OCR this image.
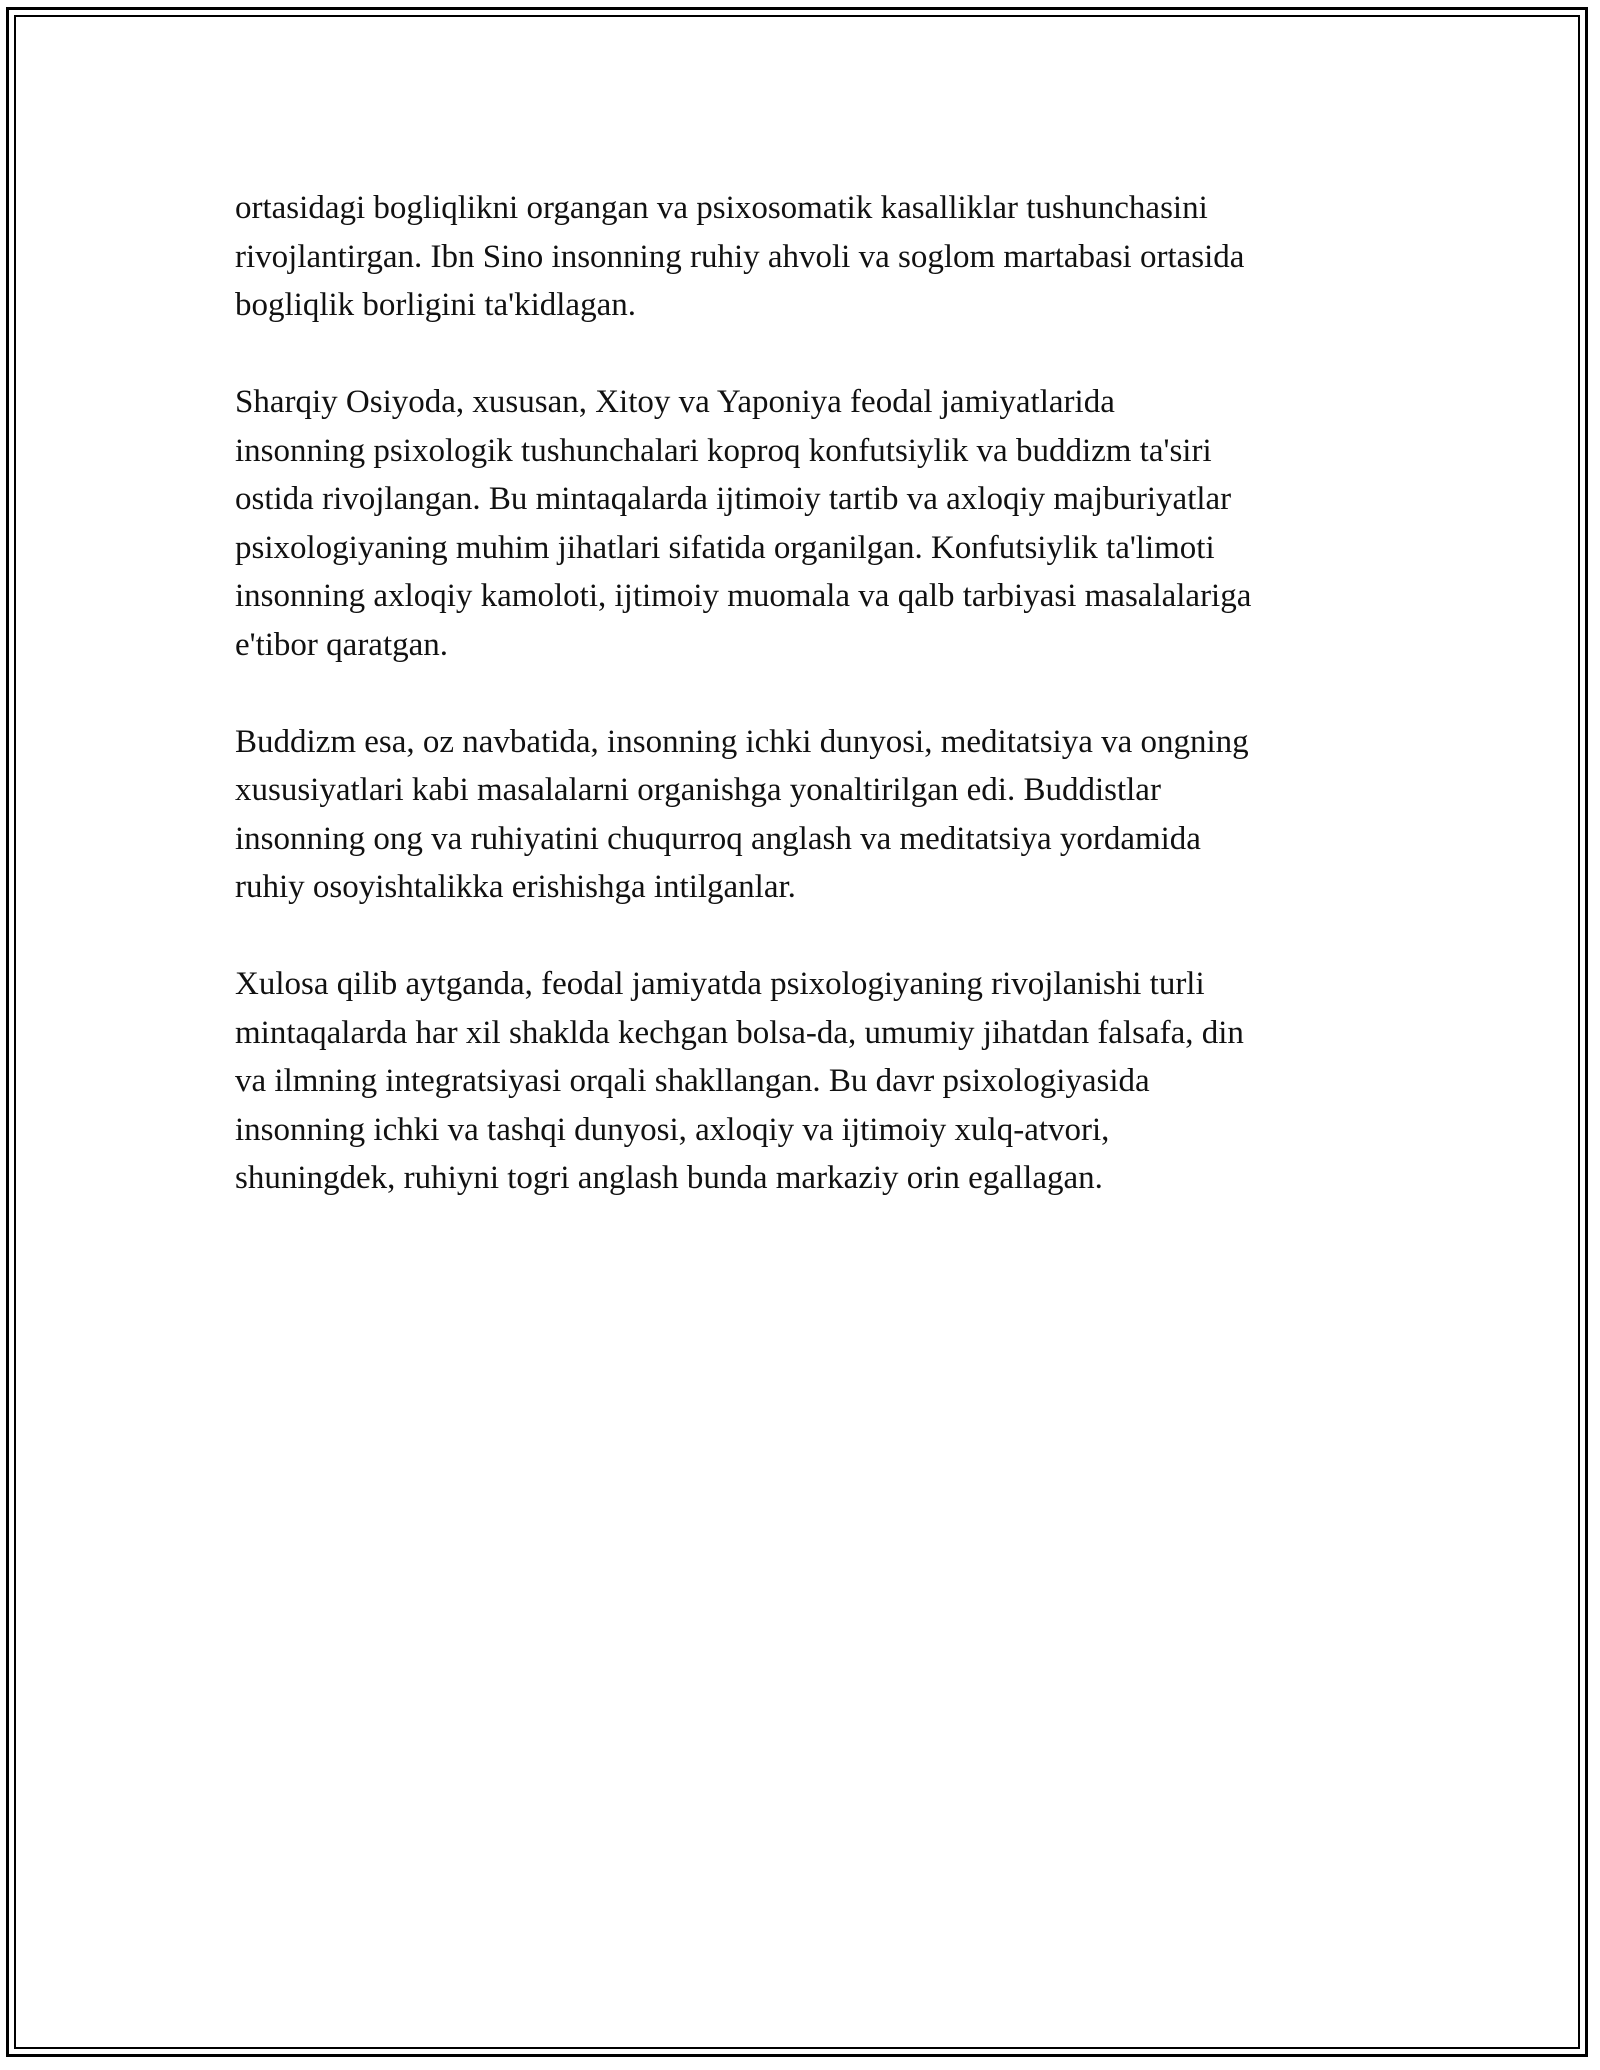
ortasidagi bogliqlikni organgan va psixosomatik kasalliklar tushunchasini
rivojlantirgan. Ibn Sino insonning ruhiy ahvoli va soglom martabasi ortasida
bogliqlik borligini ta'kidlagan.

Sharqiy Osiyoda, xususan, Xitoy va Yaponiya feodal jamiyatlarida
insonning psixologik tushunchalari koproq konfutsiylik va buddizm ta'siri
ostida rivojlangan. Bu mintaqalarda ijtimoiy tartib va axloqiy majburiyatlar
psixologiyaning muhim jihatlari sifatida organilgan. Konfutsiylik ta'limoti
insonning axloqiy kamoloti, ijtimoiy muomala va qalb tarbiyasi masalalariga
e'tibor qaratgan.

Buddizm esa, oz navbatida, insonning ichki dunyosi, meditatsiya va ongning
xususiyatlari kabi masalalarni organishga yonaltirilgan edi. Buddistlar
insonning ong va ruhiyatini chuqurroq anglash va meditatsiya yordamida
ruhiy osoyishtalikka erishishga intilganlar.

Xulosa qilib aytganda, feodal jamiyatda psixologiyaning rivojlanishi turli
mintaqalarda har xil shaklda kechgan bolsa-da, umumiy jihatdan falsafa, din
va ilmning integratsiyasi orqali shakllangan. Bu davr psixologiyasida
insonning ichki va tashqi dunyosi, axloqiy va ijtimoiy xulq-atvori,
shuningdek, ruhiyni togri anglash bunda markaziy orin egallagan.
